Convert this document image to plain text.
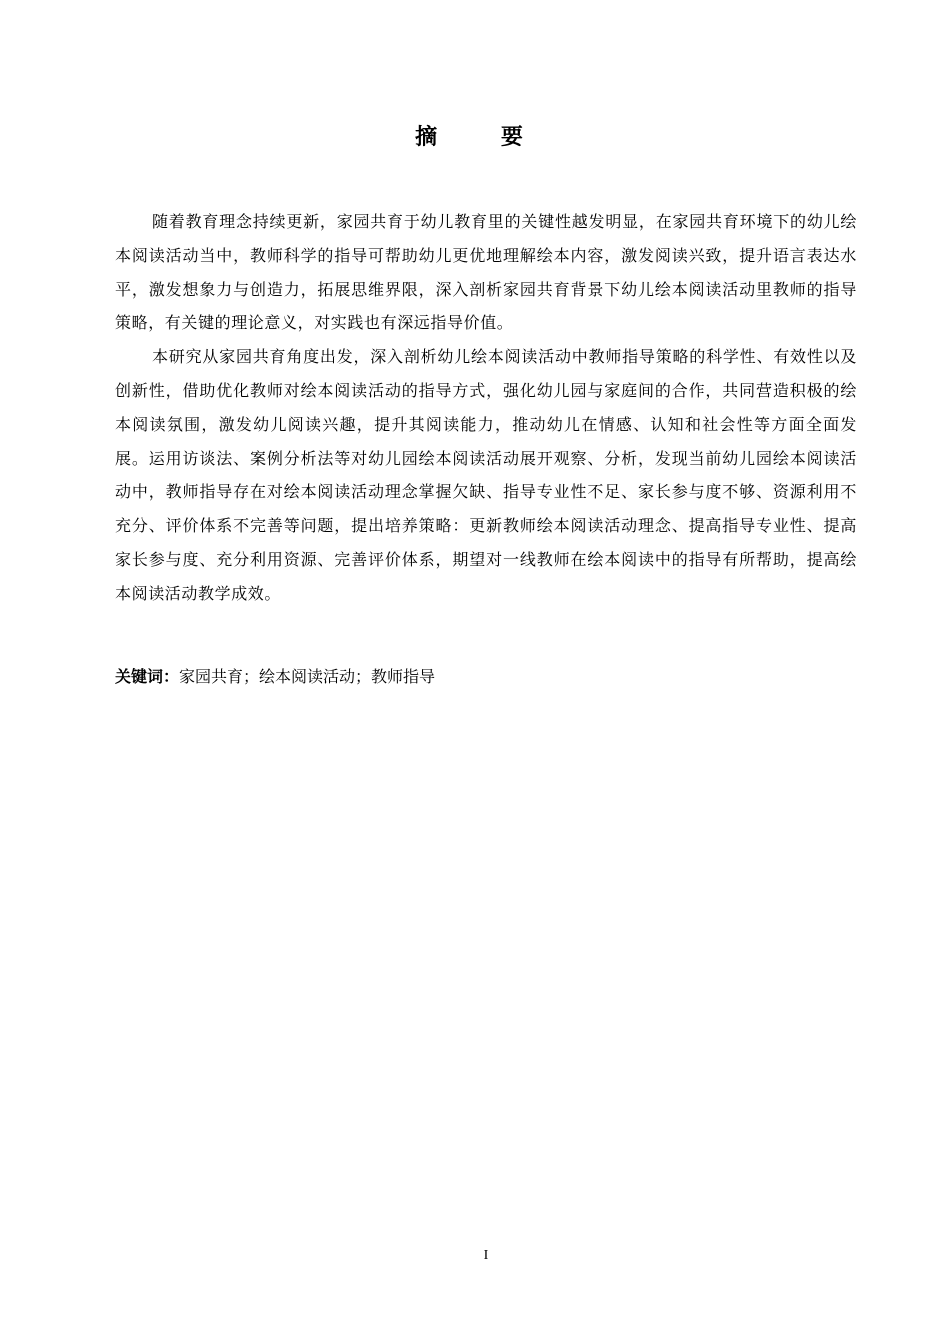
摘 要

随着教育理念持续更新，家园共育于幼儿教育里的关键性越发明显，在家园共育环境下的幼儿绘本阅读活动当中，教师科学的指导可帮助幼儿更优地理解绘本内容，激发阅读兴致，提升语言表达水平，激发想象力与创造力，拓展思维界限，深入剖析家园共育背景下幼儿绘本阅读活动里教师的指导策略，有关键的理论意义，对实践也有深远指导价值。

本研究从家园共育角度出发，深入剖析幼儿绘本阅读活动中教师指导策略的科学性、有效性以及创新性，借助优化教师对绘本阅读活动的指导方式，强化幼儿园与家庭间的合作，共同营造积极的绘本阅读氛围，激发幼儿阅读兴趣，提升其阅读能力，推动幼儿在情感、认知和社会性等方面全面发展。运用访谈法、案例分析法等对幼儿园绘本阅读活动展开观察、分析，发现当前幼儿园绘本阅读活动中，教师指导存在对绘本阅读活动理念掌握欠缺、指导专业性不足、家长参与度不够、资源利用不充分、评价体系不完善等问题，提出培养策略：更新教师绘本阅读活动理念、提高指导专业性、提高家长参与度、充分利用资源、完善评价体系，期望对一线教师在绘本阅读中的指导有所帮助，提高绘本阅读活动教学成效。

关键词：家园共育；绘本阅读活动；教师指导
I
